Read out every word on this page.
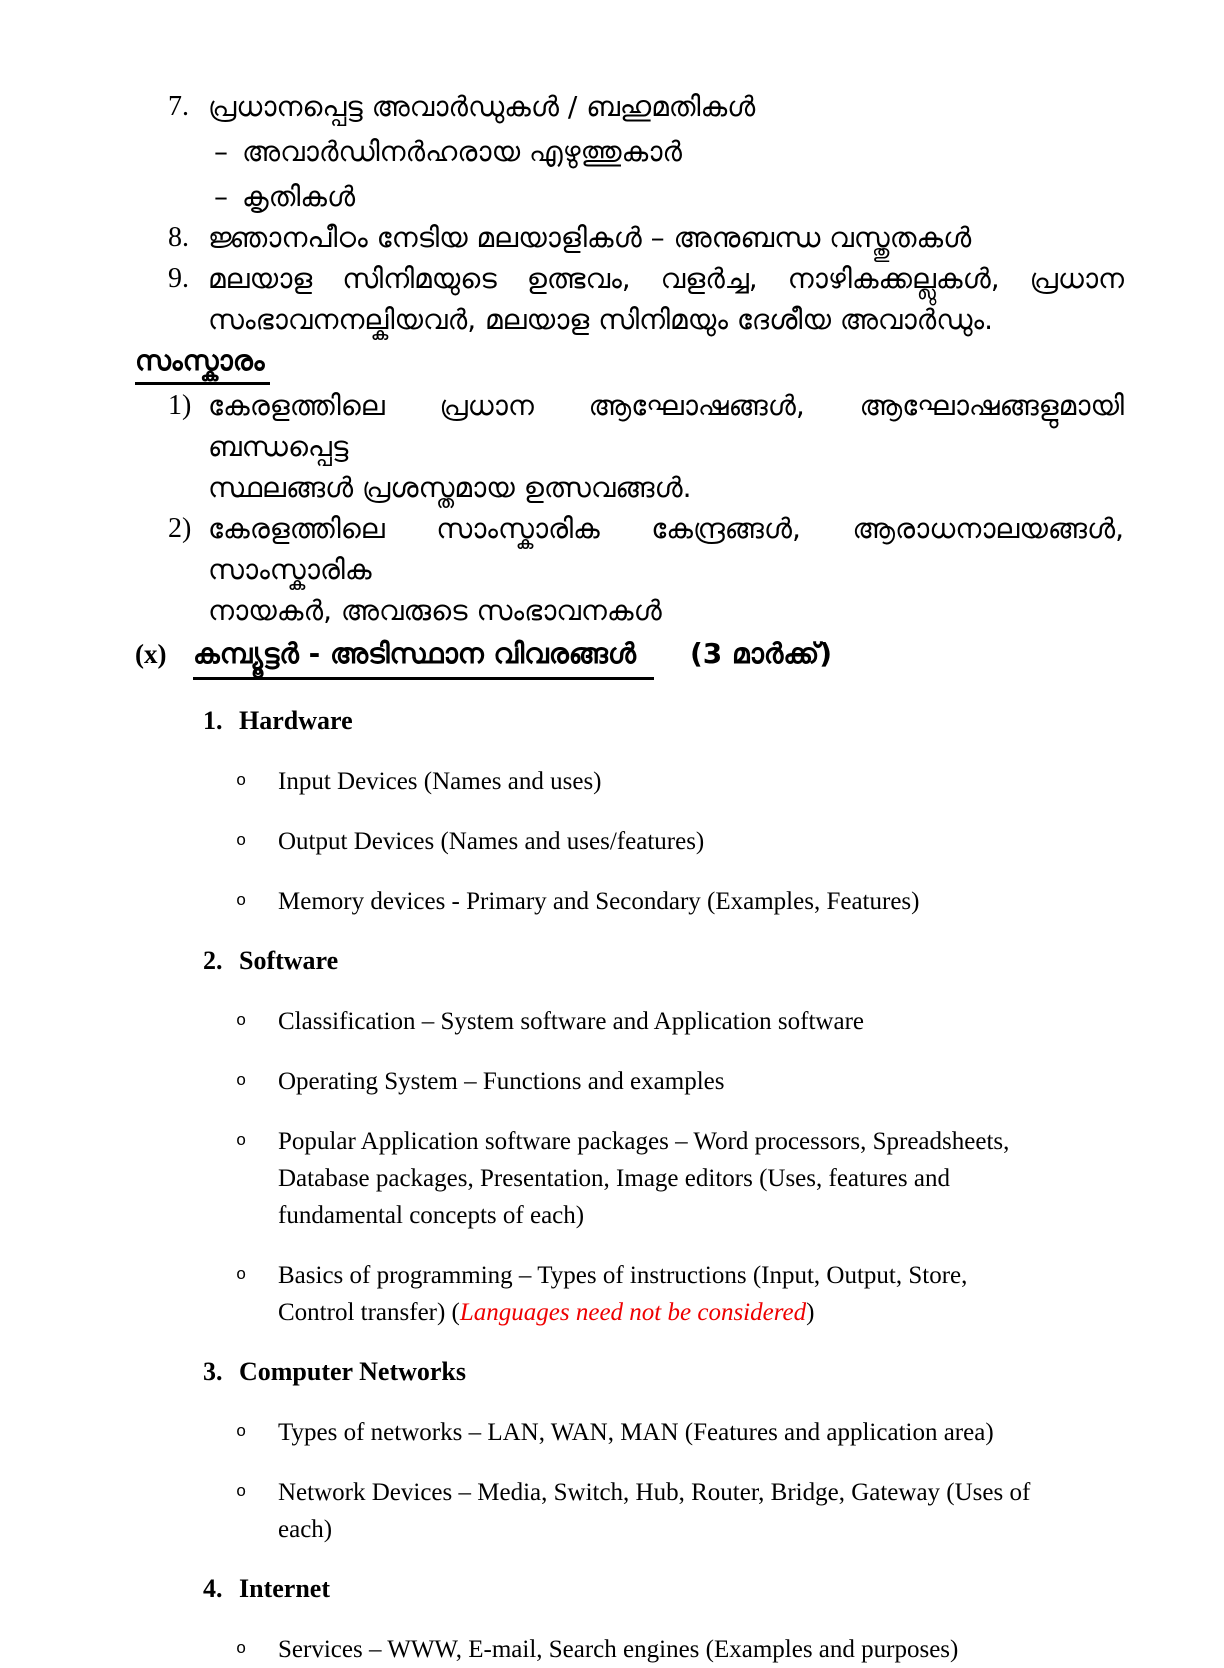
7. പ്രധാനപ്പെട്ട അവാർഡുകൾ / ബഹുമതികൾ
– അവാർഡിനർഹരായ എഴുത്തുകാർ
– കൃതികൾ
8. ജ്ഞാനപീഠം നേടിയ മലയാളികൾ – അനുബന്ധ വസ്തുതകൾ
9. മലയാള സിനിമയുടെ ഉത്ഭവം, വളർച്ച, നാഴികക്കല്ലുകൾ, പ്രധാന
സംഭാവനനല്കിയവർ, മലയാള സിനിമയും ദേശീയ അവാർഡും.
സംസ്കാരം
1) കേരളത്തിലെ പ്രധാന ആഘോഷങ്ങൾ, ആഘോഷങ്ങളുമായി ബന്ധപ്പെട്ട
സ്ഥലങ്ങൾ പ്രശസ്തമായ ഉത്സവങ്ങൾ.
2) കേരളത്തിലെ സാംസ്കാരിക കേന്ദ്രങ്ങൾ, ആരാധനാലയങ്ങൾ, സാംസ്കാരിക
നായകർ, അവരുടെ സംഭാവനകൾ
(x) കമ്പ്യൂട്ടർ - അടിസ്ഥാന വിവരങ്ങൾ	(3 മാർക്ക്)
1. Hardware
o	Input Devices (Names and uses)
o	Output Devices (Names and uses/features)
o	Memory devices - Primary and Secondary (Examples, Features)
2. Software
o	Classification – System software and Application software
o	Operating System – Functions and examples
o	Popular Application software packages – Word processors, Spreadsheets,
Database packages, Presentation, Image editors (Uses, features and
fundamental concepts of each)
o	Basics of programming – Types of instructions (Input, Output, Store,
Control transfer) (Languages need not be considered)
3. Computer Networks
o	Types of networks – LAN, WAN, MAN (Features and application area)
o	Network Devices – Media, Switch, Hub, Router, Bridge, Gateway (Uses of
each)
4. Internet
o	Services – WWW, E-mail, Search engines (Examples and purposes)
